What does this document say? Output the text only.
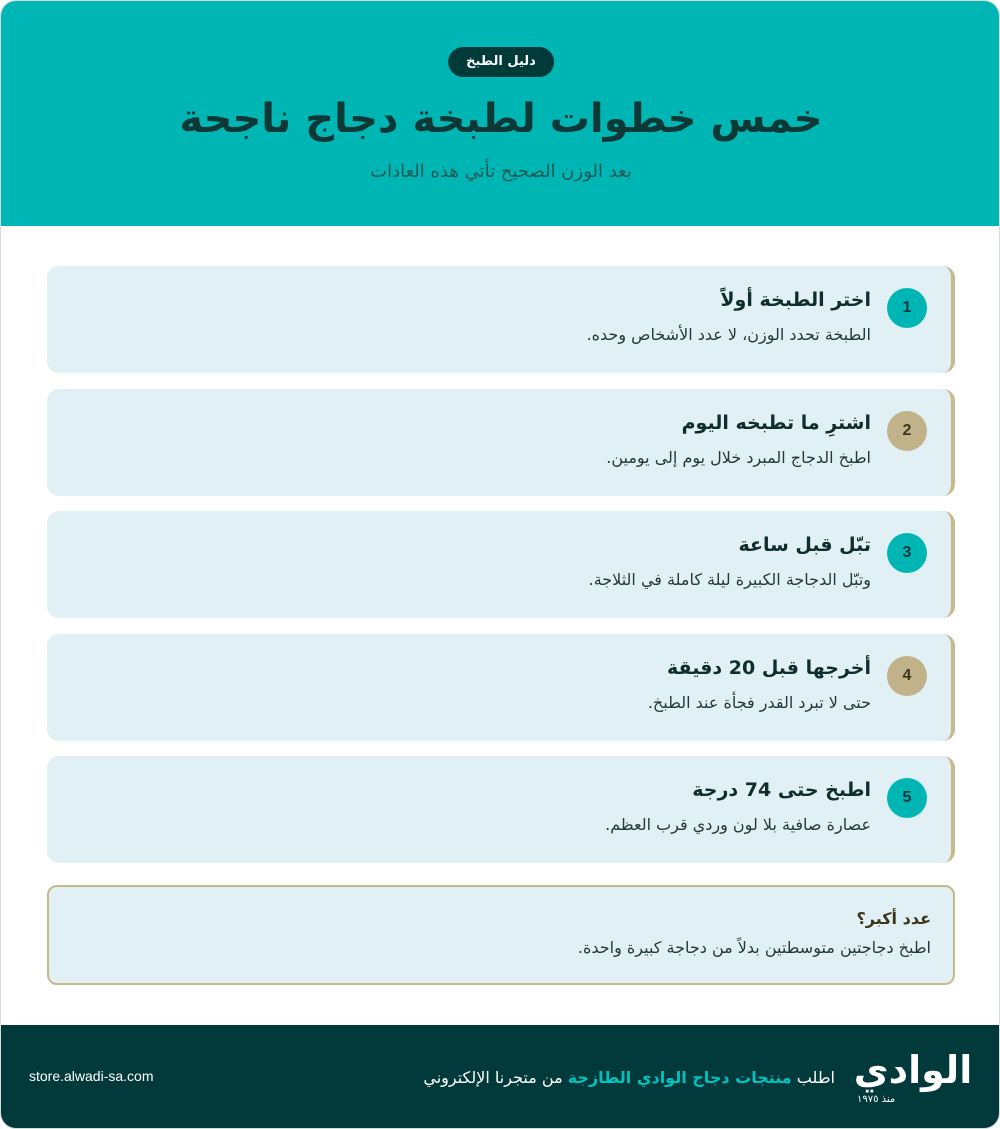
دليل الطبخ
خمس خطوات لطبخة دجاج ناجحة
بعد الوزن الصحيح تأتي هذه العادات
1
اختر الطبخة أولاً
الطبخة تحدد الوزن، لا عدد الأشخاص وحده.
2
اشترِ ما تطبخه اليوم
اطبخ الدجاج المبرد خلال يوم إلى يومين.
3
تبّل قبل ساعة
وتبّل الدجاجة الكبيرة ليلة كاملة في الثلاجة.
4
أخرجها قبل 20 دقيقة
حتى لا تبرد القدر فجأة عند الطبخ.
5
اطبخ حتى 74 درجة
عصارة صافية بلا لون وردي قرب العظم.
عدد أكبر؟
اطبخ دجاجتين متوسطتين بدلاً من دجاجة كبيرة واحدة.
الوادي
منذ ١٩٧٥
اطلب منتجات دجاج الوادي الطازجة من متجرنا الإلكتروني
store.alwadi-sa.com
